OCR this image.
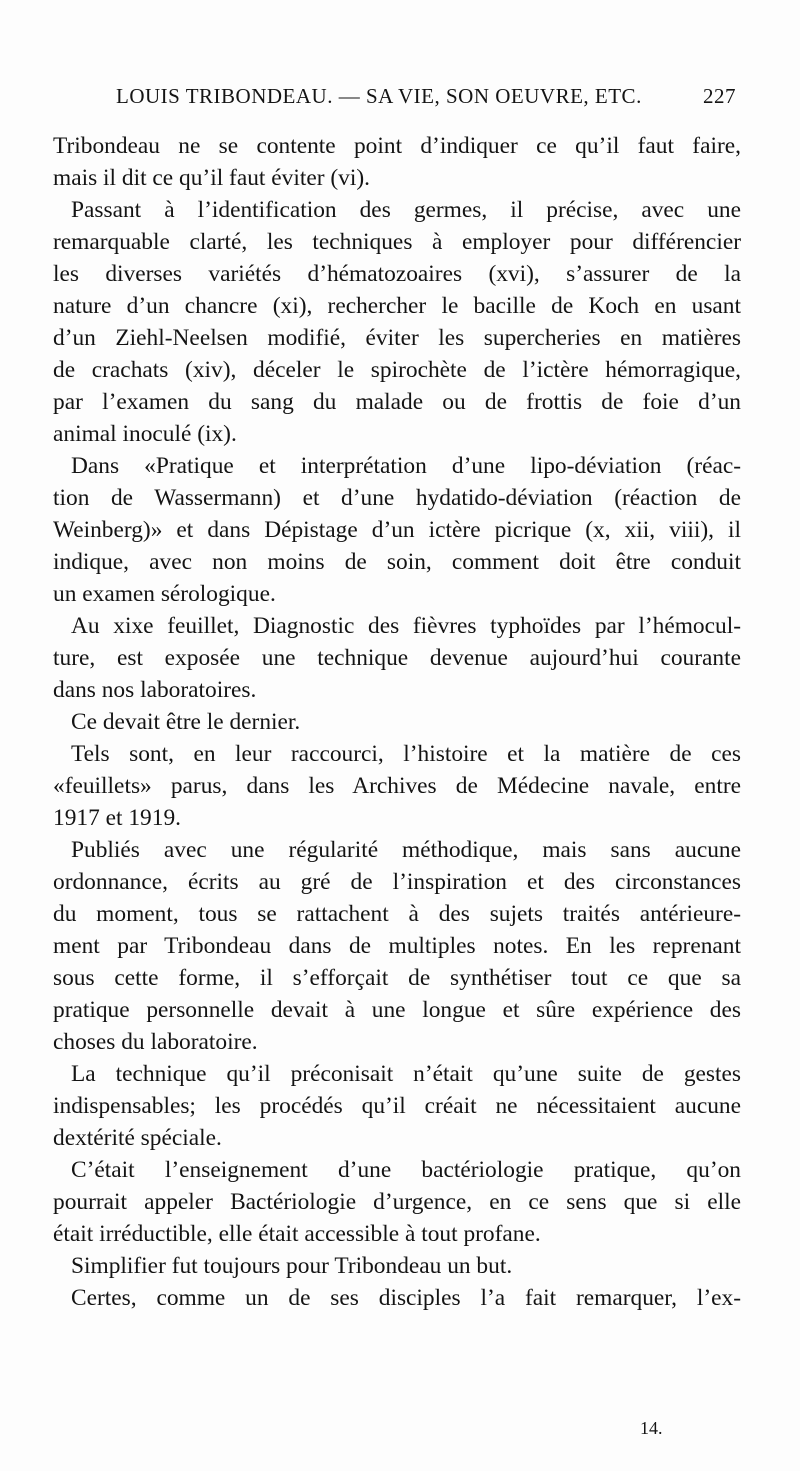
LOUIS TRIBONDEAU. — SA VIE, SON OEUVRE, ETC.	227
Tribondeau ne se contente point d’indiquer ce qu’il faut faire,
mais il dit ce qu’il faut éviter (vi).
Passant à l’identification des germes, il précise, avec une
remarquable clarté, les techniques à employer pour différencier
les diverses variétés d’hématozoaires (xvi), s’assurer de la
nature d’un chancre (xi), rechercher le bacille de Koch en usant
d’un Ziehl-Neelsen modifié, éviter les supercheries en matières
de crachats (xiv), déceler le spirochète de l’ictère hémorragique,
par l’examen du sang du malade ou de frottis de foie d’un
animal inoculé (ix).
Dans «Pratique et interprétation d’une lipo-déviation (réac-
tion de Wassermann) et d’une hydatido-déviation (réaction de
Weinberg)» et dans Dépistage d’un ictère picrique (x, xii, viii), il
indique, avec non moins de soin, comment doit être conduit
un examen sérologique.
Au xixe feuillet, Diagnostic des fièvres typhoïdes par l’hémocul-
ture, est exposée une technique devenue aujourd’hui courante
dans nos laboratoires.
Ce devait être le dernier.
Tels sont, en leur raccourci, l’histoire et la matière de ces
«feuillets» parus, dans les Archives de Médecine navale, entre
1917 et 1919.
Publiés avec une régularité méthodique, mais sans aucune
ordonnance, écrits au gré de l’inspiration et des circonstances
du moment, tous se rattachent à des sujets traités antérieure-
ment par Tribondeau dans de multiples notes. En les reprenant
sous cette forme, il s’efforçait de synthétiser tout ce que sa
pratique personnelle devait à une longue et sûre expérience des
choses du laboratoire.
La technique qu’il préconisait n’était qu’une suite de gestes
indispensables; les procédés qu’il créait ne nécessitaient aucune
dextérité spéciale.
C’était l’enseignement d’une bactériologie pratique, qu’on
pourrait appeler Bactériologie d’urgence, en ce sens que si elle
était irréductible, elle était accessible à tout profane.
Simplifier fut toujours pour Tribondeau un but.
Certes, comme un de ses disciples l’a fait remarquer, l’ex-
14.
